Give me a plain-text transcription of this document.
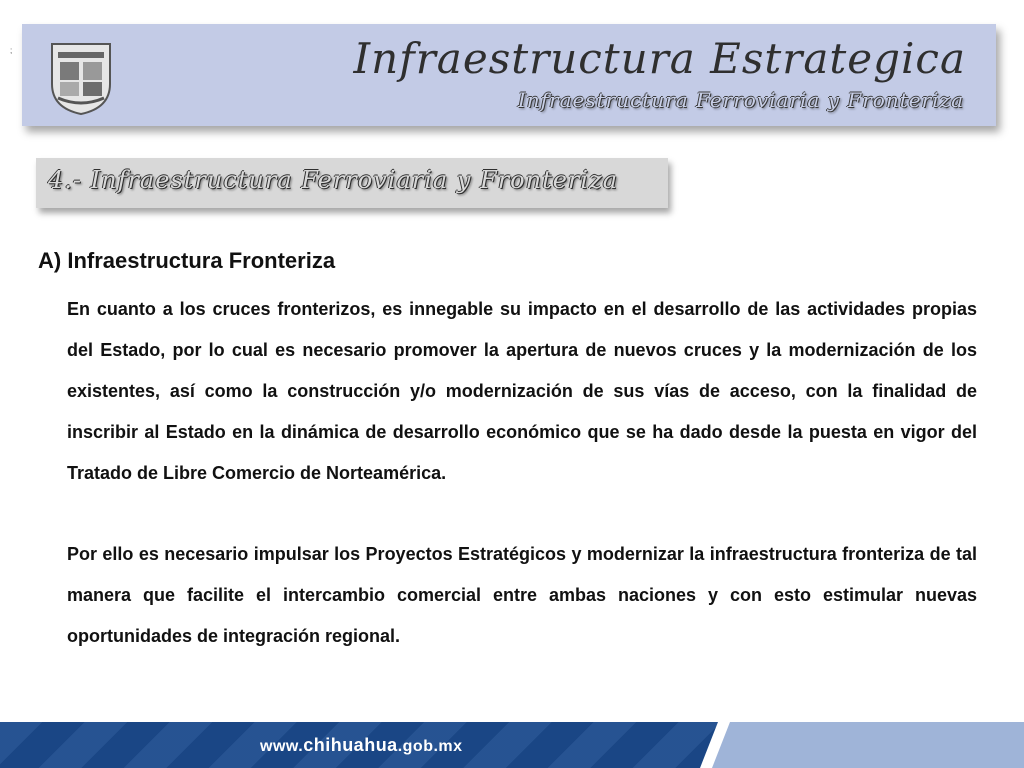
;	Infraestructura Estrategica
Infraestructura Ferroviaria y Fronteriza
4.- Infraestructura Ferroviaria y Fronteriza
A) Infraestructura Fronteriza

En cuanto a los cruces fronterizos, es innegable su impacto en el desarrollo de las actividades propias del Estado, por lo cual es necesario promover la apertura de nuevos cruces y la modernización de los existentes, así como la construcción y/o modernización de sus vías de acceso, con la finalidad de inscribir al Estado en la dinámica de desarrollo económico que se ha dado desde la puesta en vigor del Tratado de Libre Comercio de Norteamérica.

Por ello es necesario impulsar los Proyectos Estratégicos y modernizar la infraestructura fronteriza de tal manera que facilite el intercambio comercial entre ambas naciones y con esto estimular nuevas oportunidades de integración regional.

www.chihuahua.gob.mx
